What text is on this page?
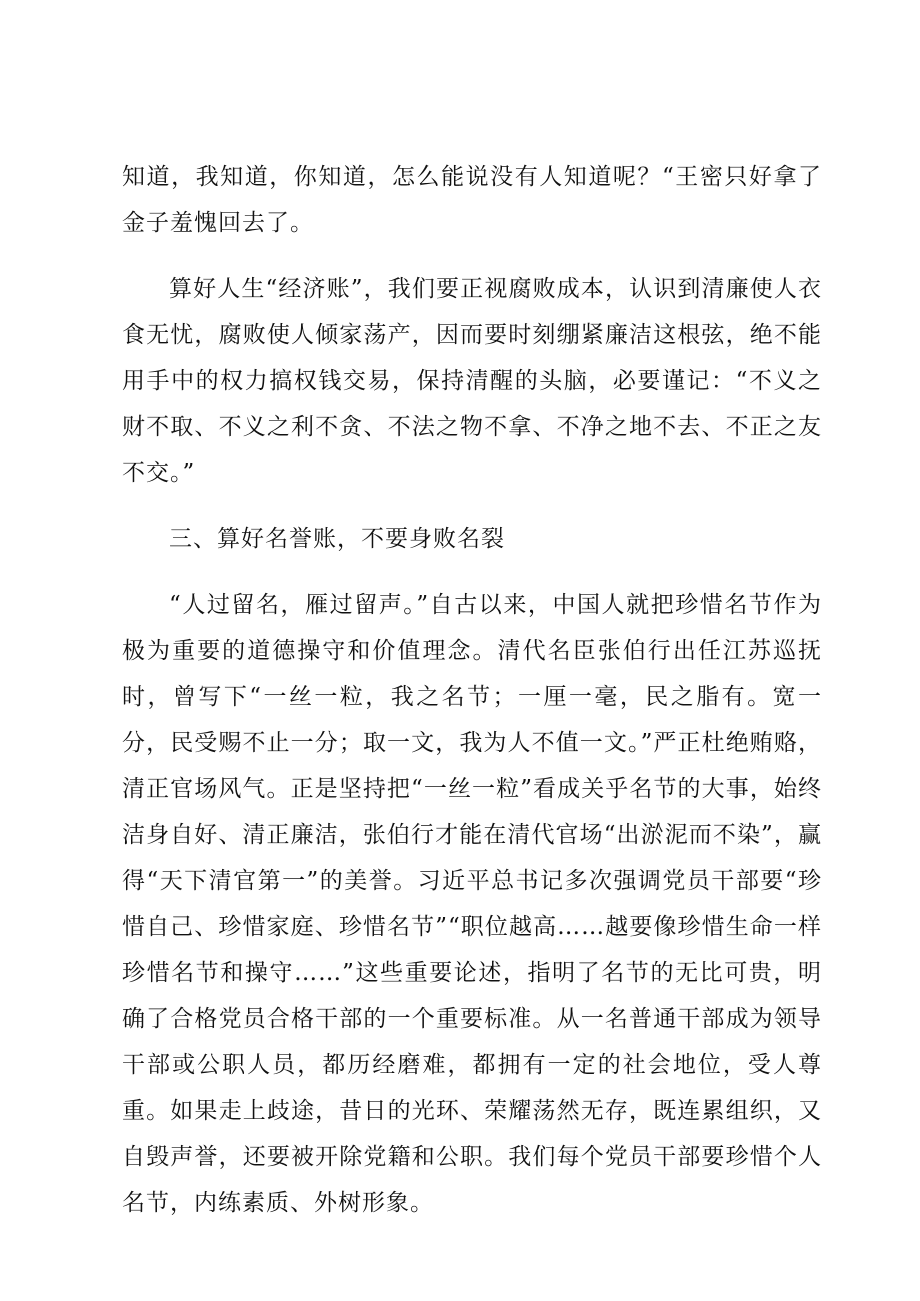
知道，我知道，你知道，怎么能说没有人知道呢？“王密只好拿了金子羞愧回去了。

算好人生“经济账”，我们要正视腐败成本，认识到清廉使人衣食无忧，腐败使人倾家荡产，因而要时刻绷紧廉洁这根弦，绝不能用手中的权力搞权钱交易，保持清醒的头脑，必要谨记：“不义之财不取、不义之利不贪、不法之物不拿、不净之地不去、不正之友不交。”

三、算好名誉账，不要身败名裂

“人过留名，雁过留声。”自古以来，中国人就把珍惜名节作为极为重要的道德操守和价值理念。清代名臣张伯行出任江苏巡抚时，曾写下“一丝一粒，我之名节；一厘一毫，民之脂有。宽一分，民受赐不止一分；取一文，我为人不值一文。”严正杜绝贿赂，清正官场风气。正是坚持把“一丝一粒”看成关乎名节的大事，始终洁身自好、清正廉洁，张伯行才能在清代官场“出淤泥而不染”，赢得“天下清官第一”的美誉。习近平总书记多次强调党员干部要“珍惜自己、珍惜家庭、珍惜名节”“职位越高……越要像珍惜生命一样珍惜名节和操守……”这些重要论述，指明了名节的无比可贵，明确了合格党员合格干部的一个重要标准。从一名普通干部成为领导干部或公职人员，都历经磨难，都拥有一定的社会地位，受人尊重。如果走上歧途，昔日的光环、荣耀荡然无存，既连累组织，又自毁声誉，还要被开除党籍和公职。我们每个党员干部要珍惜个人名节，内练素质、外树形象。
